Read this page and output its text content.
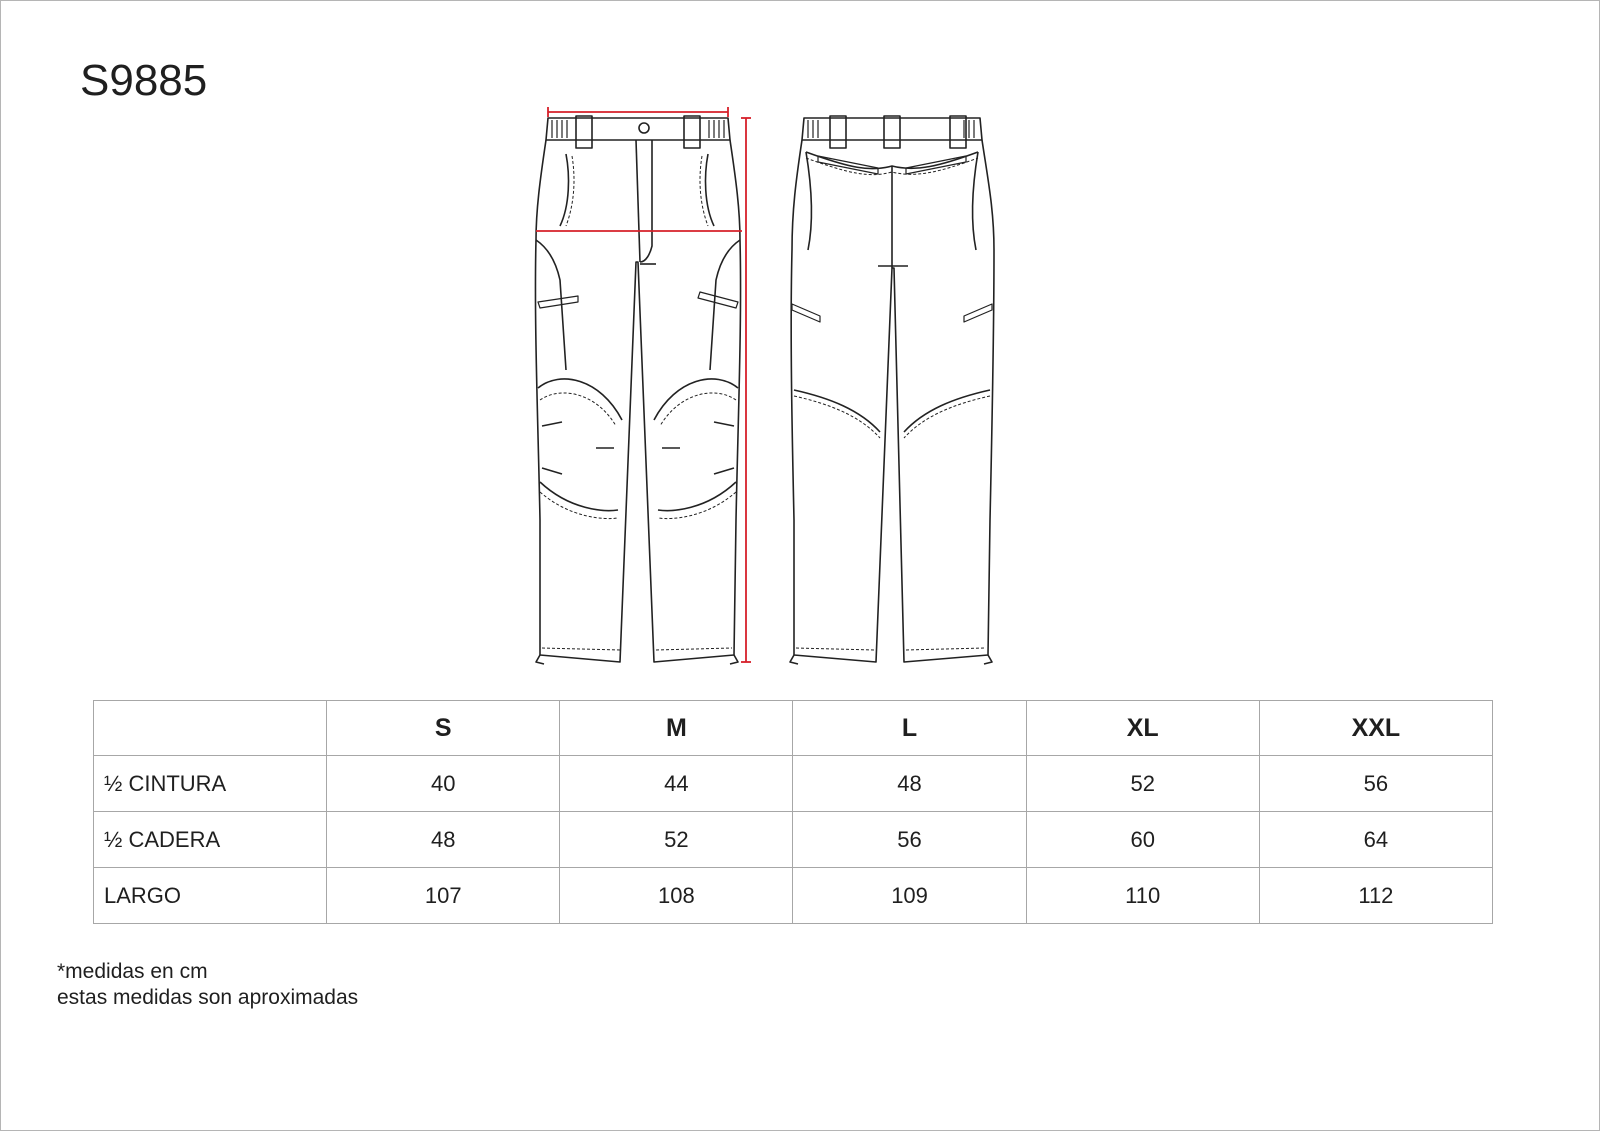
S9885
	S	M	L	XL	XXL
½ CINTURA	40	44	48	52	56
½ CADERA	48	52	56	60	64
LARGO	107	108	109	110	112
*medidas en cm
estas medidas son aproximadas
